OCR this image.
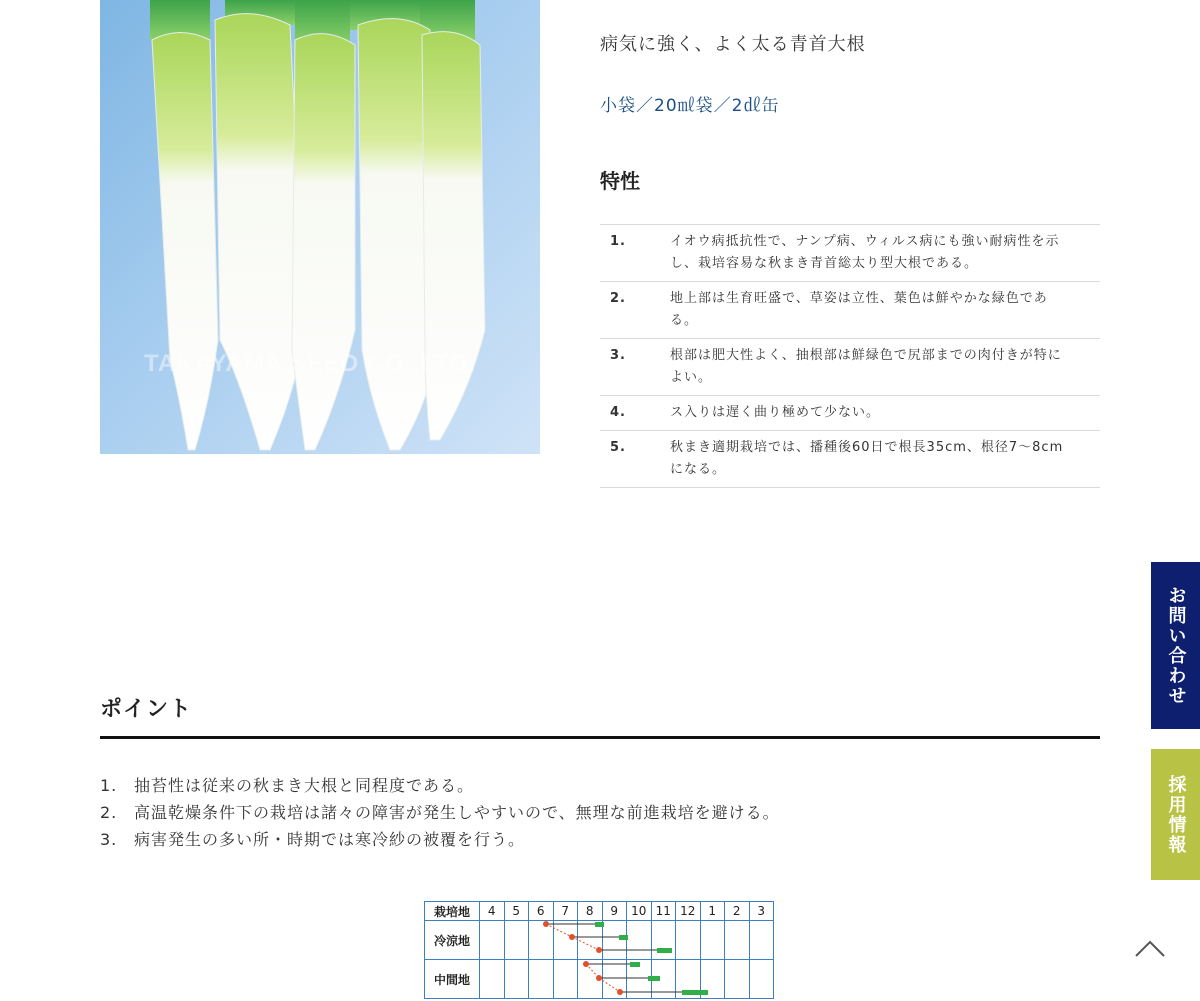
TAKAYAMA SEED CO.,LTD.
病気に強く、よく太る青首大根
小袋／20㎖袋／2㎗缶
特性
1.	イオウ病抵抗性で、ナンプ病、ウィルス病にも強い耐病性を示し、栽培容易な秋まき青首総太り型大根である。
2.	地上部は生育旺盛で、草姿は立性、葉色は鮮やかな緑色である。
3.	根部は肥大性よく、抽根部は鮮緑色で尻部までの肉付きが特によい。
4.	ス入りは遅く曲り極めて少ない。
5.	秋まき適期栽培では、播種後60日で根長35cm、根径7〜8cmになる。
ポイント
1. 抽苔性は従来の秋まき大根と同程度である。
2. 高温乾燥条件下の栽培は諸々の障害が発生しやすいので、無理な前進栽培を避ける。
3. 病害発生の多い所・時期では寒冷紗の被覆を行う。
栽培地	4	5	6	7	8	9	10	11	12	1	2	3
冷涼地												
中間地												
お問い合わせ
採用情報
